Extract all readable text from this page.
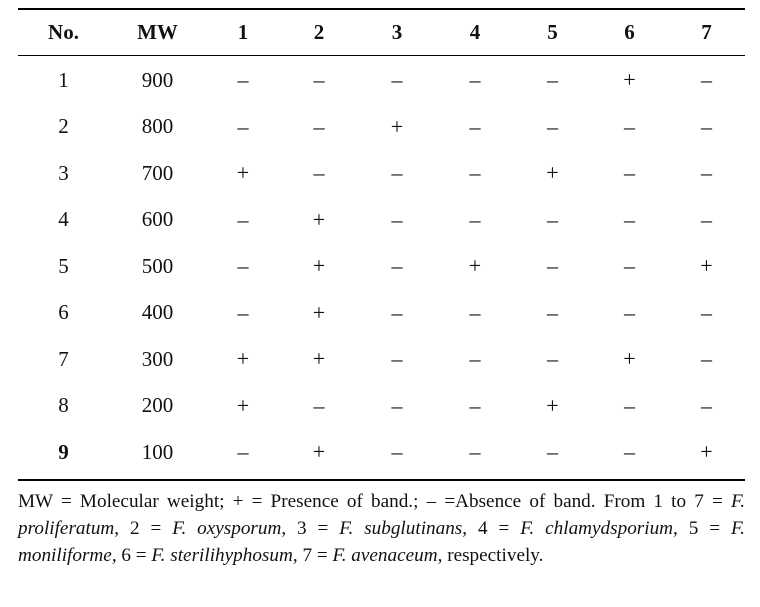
No.	MW	1	2	3	4	5	6	7
1	900	–	–	–	–	–	+	–
2	800	–	–	+	–	–	–	–
3	700	+	–	–	–	+	–	–
4	600	–	+	–	–	–	–	–
5	500	–	+	–	+	–	–	+
6	400	–	+	–	–	–	–	–
7	300	+	+	–	–	–	+	–
8	200	+	–	–	–	+	–	–
9	100	–	+	–	–	–	–	+
MW = Molecular weight; + = Presence of band.; – =Absence of band. From 1 to 7 = F. proliferatum, 2 = F. oxysporum, 3 = F. subglutinans, 4 = F. chlamydsporium, 5 = F. moniliforme, 6 = F. sterilihyphosum, 7 = F. avenaceum, respectively.
